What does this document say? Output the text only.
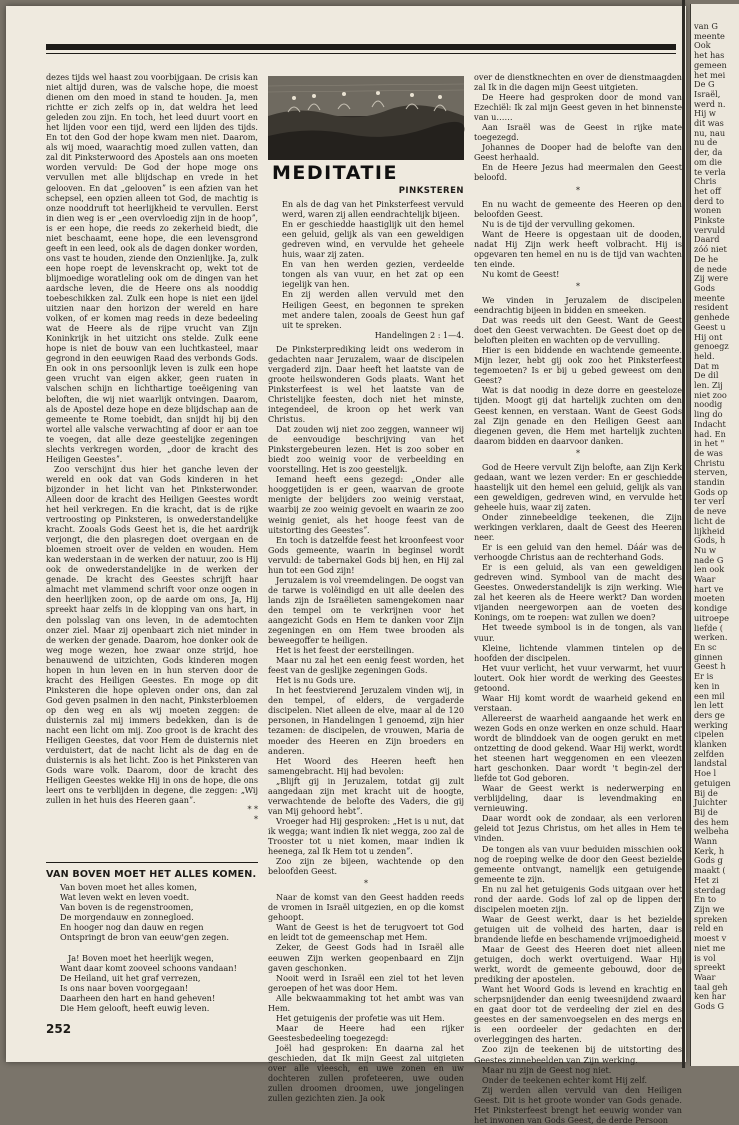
dezes tijds wel haast zou voorbijgaan. De crisis kan niet altijd duren, was de valsche hope, die moest dienen om den moed in stand te houden. Ja, men richtte er zich zelfs op in, dat weldra het leed geleden zou zijn. En toch, het leed duurt voort en het lijden voor een tijd, werd een lijden des tijds. En tot den God der hope kwam men niet. Daarom, als wij moed, waarachtig moed zullen vatten, dan zal dit Pinksterwoord des Apostels aan ons moeten worden vervuld: De God der hope moge ons vervullen met alle blijdschap en vrede in het gelooven. En dat „geloovenˮ is een afzien van het schepsel, een opzien alleen tot God, de machtig is onze nooddruft tot heerlijkheid te vervullen. Eerst in dien weg is er „een overvloedig zijn in de hoopˮ, is er een hope, die reeds zo zekerheid biedt, die niet beschaamt, eene hope, die een levensgrond geeft in een leed, ook als de dagen donker worden, ons vast te houden, ziende den Onzienlijke. Ja, zulk een hope roept de levenskracht op, wekt tot de blijmoedige woratleling ook om de dingen van het aardsche leven, die de Heere ons als nooddig toebeschikken zal. Zulk een hope is niet een ijdel uitzien naar den horizon der wereld en hare volken, of er komen mag reeds in deze bedeeling wat de Heere als de rijpe vrucht van Zijn Koninkrijk in het uitzicht ons stelde. Zulk eene hope is niet de bouw van een luchtkasteel, maar gegrond in den eeuwigen Raad des verbonds Gods. En ook in ons persoonlijk leven is zulk een hope geen vrucht van eigen akker, geen ruaten in valschen schijn en lichthartige toeëigening van beloften, die wij niet waarlijk ontvingen. Daarom, als de Apostel deze hope en deze blijdschap aan de gemeente te Rome toebidt, dan snijdt hij bij den wortel alle valsche verwachting af door er aan toe te voegen, dat alle deze geestelijke zegeningen slechts verkregen worden, „door de kracht des Heiligen Geestesˮ.

Zoo verschijnt dus hier het ganche leven der wereld en ook dat van Gods kinderen in het bijzonder in het licht van het Pinksterwonder. Alleen door de kracht des Heiligen Geestes wordt het heil verkregen. En die kracht, dat is de rijke vertroosting op Pinksteren, is onwederstandelijke kracht. Zooals Gods Geest het is, die het aardrijk verjongt, die den plasregen doet overgaan en de bloemen stroeit over de velden en wouden. Hem kan wederstaan in de werken der natuur, zoo is Hij ook de onwederstandelijke in de werken der genade. De kracht des Geestes schrijft haar almacht met vlammend schrift voor onze oogen in den heerlijken zoon, op de aarde om ons, Ja, Hij spreekt haar zelfs in de klopping van ons hart, in den polsslag van ons leven, in de ademtochten onzer ziel. Maar zij openbaart zich niet minder in de werken der genade. Daarom, hoe donker ook de weg moge wezen, hoe zwaar onze strijd, hoe benauwend de uitzichten, Gods kinderen mogen hopen in hun leven en in hun sterven door de kracht des Heiligen Geestes. En moge op dit Pinksteren die hope opleven onder ons, dan zal God geven psalmen in den nacht, Pinksterbloemen op den weg en als wij moeten zeggen: de duisternis zal mij immers bedekken, dan is de nacht een licht om mij. Zoo groot is de kracht des Heiligen Geestes, dat voor Hem de duisternis niet verduistert, dat de nacht licht als de dag en de duisternis is als het licht. Zoo is het Pinksteren van Gods ware volk. Daarom, door de kracht des Heiligen Geestes wekke Hij in ons de hope, die ons leert ons te verblijden in degene, die zeggen: „Wij zullen in het huis des Heeren gaanˮ.

* *
*
VAN BOVEN MOET HET ALLES KOMEN.
Van boven moet het alles komen,
Wat leven wekt en leven voedt.
Van boven is de regenstroomen,
De morgendauw en zonnegloed.
En hooger nog dan dauw en regen
Ontspringt de bron van eeuw'gen zegen.
Ja! Boven moet het heerlijk wegen,
Want daar komt zooveel schoons vandaan!
De Heiland, uit het graf verrezen,
Is ons naar boven voorgegaan!
Daarheen den hart en hand geheven!
Die Hem gelooft, heeft euwig leven.
252
MEDITATIE
PINKSTEREN

En als de dag van het Pinksterfeest vervuld werd, waren zij allen eendrachtelijk bijeen.

En er geschiedde haastiglijk uit den hemel een geluid, gelijk als van een geweldigen gedreven wind, en vervulde het geheele huis, waar zij zaten.

En van hen werden gezien, verdeelde tongen als van vuur, en het zat op een iegelijk van hen.

En zij werden allen vervuld met den Heiligen Geest, en begonnen te spreken met andere talen, zooals de Geest hun gaf uit te spreken.

Handelingen 2 : 1—4.

De Pinksterprediking leidt ons wederom in gedachten naar Jeruzalem, waar de discipelen vergaderd zijn. Daar heeft het laatste van de groote heilswonderen Gods plaats. Want het Pinksterfeest is wel het laatste van de Christelijke feesten, doch niet het minste, integendeel, de kroon op het werk van Christus.

Dat zouden wij niet zoo zeggen, wanneer wij de eenvoudige beschrijving van het Pinkstergebeuren lezen. Het is zoo sober en biedt zoo weinig voor de verbeelding en voorstelling. Het is zoo geestelijk.

Iemand heeft eens gezegd: „Onder alle hooggetijden is er geen, waarvan de groote menigte der belijders zoo weinig verstaat, waarbij ze zoo weinig gevoelt en waarin ze zoo weinig geniet, als het hooge feest van de uitstorting des Geestesˮ.

En toch is datzelfde feest het kroonfeest voor Gods gemeente, waarin in beginsel wordt vervuld: de tabernakel Gods bij hen, en Hij zal hun tot een God zijn!

Jeruzalem is vol vreemdelingen. De oogst van de tarwe is volëindigd en uit alle deelen des lands zijn de Israëlieten samengekomen naar den tempel om te verkrijnen voor het aangezicht Gods en Hem te danken voor Zijn zegeningen en om Hem twee brooden als beweegoffer te heiligen.

Het is het feest der eersteilingen.

Maar nu zal het een eenig feest worden, het feest van de geslijke zegeningen Gods.

Het is nu Gods ure.

In het feestvierend Jeruzalem vinden wij, in den tempel, of elders, de vergaderde discipelen. Niet alleen de elve, maar al de 120 personen, in Handelingen 1 genoemd, zijn hier tezamen: de discipelen, de vrouwen, Maria de moeder des Heeren en Zijn broeders en anderen.

Het Woord des Heeren heeft hen samengebracht. Hij had bevolen:

„Blijft gij in Jeruzalem, totdat gij zult aangedaan zijn met kracht uit de hoogte, verwachtende de belofte des Vaders, die gij van Mij gehoord hebtˮ.

Vroeger had Hij gesproken: „Het is u nut, dat ik wegga; want indien Ik niet wegga, zoo zal de Trooster tot u niet komen, maar indien ik heenega, zal Ik Hem tot u zendenˮ.

Zoo zijn ze bijeen, wachtende op den beloofden Geest.

*

Naar de komst van den Geest hadden reeds de vromen in Israël uitgezien, en op die komst gehoopt.

Want de Geest is het de terugvoert tot God en leidt tot de gemeenschap met Hem.

Zeker, de Geest Gods had in Israël alle eeuwen Zijn werken geopenbaard en Zijn gaven geschonken.

Nooit werd in Israël een ziel tot het leven geroepen of het was door Hem.

Alle bekwaammaking tot het ambt was van Hem.

Het getuigenis der profetie was uit Hem.

Maar de Heere had een rijker Geestesbedeeling toegezegd:

Joël had gesproken: En daarna zal het geschieden, dat Ik mijn Geest zal uitgieten over alle vleesch, en uwe zonen en uw dochteren zullen profeteeren, uwe ouden zullen droomen droomen, uwe jongelingen zullen gezichten zien. Ja ook

over de dienstknechten en over de dienstmaagden zal Ik in die dagen mijn Geest uitgieten.

De Heere had gesproken door de mond van Ezechiël: Ik zal mijn Geest geven in het binnenste van u……

Aan Israël was de Geest in rijke mate toegezegd.

Johannes de Dooper had de belofte van den Geest herhaald.

En de Heere Jezus had meermalen den Geest beloofd.

*

En nu wacht de gemeente des Heeren op den beloofden Geest.

Nu is de tijd der vervulling gekomen.

Want de Heere is opgestaan uit de dooden, nadat Hij Zijn werk heeft volbracht. Hij is opgevaren ten hemel en nu is de tijd van wachten ten einde.

Nu komt de Geest!

*

We vinden in Jeruzalem de discipelen eendrachtig bijeen in bidden en smeeken.

Dat was reeds uit den Geest. Want de Geest doet den Geest verwachten. De Geest doet op de beloften pleiten en wachten op de vervulling.

Hier is een biddende en wachtende gemeente. Mijn lezer, hebt gij ook zoo het Pinksterfeest tegemoeten? Is er bij u gebed geweest om den Geest?

Wat is dat noodig in deze dorre en geesteloze tijden. Moogt gij dat hartelijk zuchten om den Geest kennen, en verstaan. Want de Geest Gods zal Zijn genade en den Heiligen Geest aan diegenen geven, die Hem met hartelijk zuchten daarom bidden en daarvoor danken.

*

God de Heere vervult Zijn belofte, aan Zijn Kerk gedaan, want we lezen verder: En er geschiedde haastelijk uit den hemel een geluid, gelijk als van een geweldigen, gedreven wind, en vervulde het geheele huis, waar zij zaten.

Onder zinnebeeldige teekenen, die Zijn werkingen verklaren, daalt de Geest des Heeren neer.

Er is een geluid van den hemel. Dáár was de verhoogde Christus aan de rechterhand Gods.

Er is een geluid, als van een geweldigen gedreven wind. Symbool van de macht des Geestes. Onwederstandelijk is zijn werking. Wie zal het keeren als de Heere werkt? Dan worden vijanden neergeworpen aan de voeten des Konings, om te roepen: wat zullen we doen?

Het tweede symbool is in de tongen, als van vuur.

Kleine, lichtende vlammen tintelen op de hoofden der discipelen.

Het vuur verlicht, het vuur verwarmt, het vuur loutert. Ook hier wordt de werking des Geestes getoond.

Waar Hij komt wordt de waarheid gekend en verstaan.

Allereerst de waarheid aangaande het werk en wezen Gods en onze werken en onze schuld. Haar wordt de blinddoek van de oogen gerukt en met ontzetting de dood gekend. Waar Hij werkt, wordt het steenen hart weggenomen en een vleezen hart geschonken. Daar wordt 't begin-zel der liefde tot God geboren.

Waar de Geest werkt is nederwerping en verblijdeling, daar is levendmaking en vernieuwing.

Daar wordt ook de zondaar, als een verloren geleid tot Jezus Christus, om het alles in Hem te vinden.

De tongen als van vuur beduiden misschien ook nog de roeping welke de door den Geest bezielde gemeente ontvangt, namelijk een getuigende gemeente te zijn.

En nu zal het getuigenis Gods uitgaan over het rond der aarde. Gods lof zal op de lippen der discipelen moeten zijn.

Waar de Geest werkt, daar is het bezielde getuigen uit de volheid des harten, daar is brandende liefde en beschamende vrijmoedigheid.

Maar de Geest des Heeren doet niet alleen getuigen, doch werkt overtuigend. Waar Hij werkt, wordt de gemeente gebouwd, door de prediking der apostelen.

Want het Woord Gods is levend en krachtig en scherpsnijdender dan eenig tweesnijdend zwaard en gaat door tot de verdeeling der ziel en des geestes en der samenvoegselen en des mergs en is een oordeeler der gedachten en der overleggingen des harten.

Zoo zijn de teekenen bij de uitstorting des Geestes zinnebeelden van Zijn werking.

Maar nu zijn de Geest nog niet.

Onder de teekenen echter komt Hij zelf.

Zij werden allen vervuld van den Heiligen Geest. Dit is het groote wonder van Gods genade. Het Pinksterfeest brengt het eeuwig wonder van het inwonen van Gods Geest, de derde Persoon

van G
meente
Ook
het has
gemeen
het mei
De G
Israël,
werd n.
Hij w
dit was
nu, nau
nu de
der, da
om die
te verla
Chris
het off
derd to
wonen
Pinkste
vervuld
Daard
zóó niet
De he
de nede
Zij were
Gods
meente
resident
genhede
Geest u
Hij ont
genoegz
held.
Dat m
De dil
len. Zij
niet zoo
noodig
ling do
Indacht
had. En
in het "
de was
Christu
sterven,
standin
Gods op
ter verl
de neve
licht de
lijkheid
Gods, h
Nu w
nade G
len ook
Waar
hart ve
moeten
kondige
uitroepe
liefde (
werken.
En sc
ginnen
Geest h
Er is
ken in
een mil
len lett
ders ge
werking
cipelen
klanken
zelfden
landstal
Hoe l
getuigen
Bij de
Juichter
Bij de
des hem
welbeha
Wann
Kerk, h
Gods g
maakt (
Het zi
sterdag
En to
Zijn we
spreken
reld en
moest v
niet me
is vol
spreekt
Waar
taal geh
ken har
Gods G
